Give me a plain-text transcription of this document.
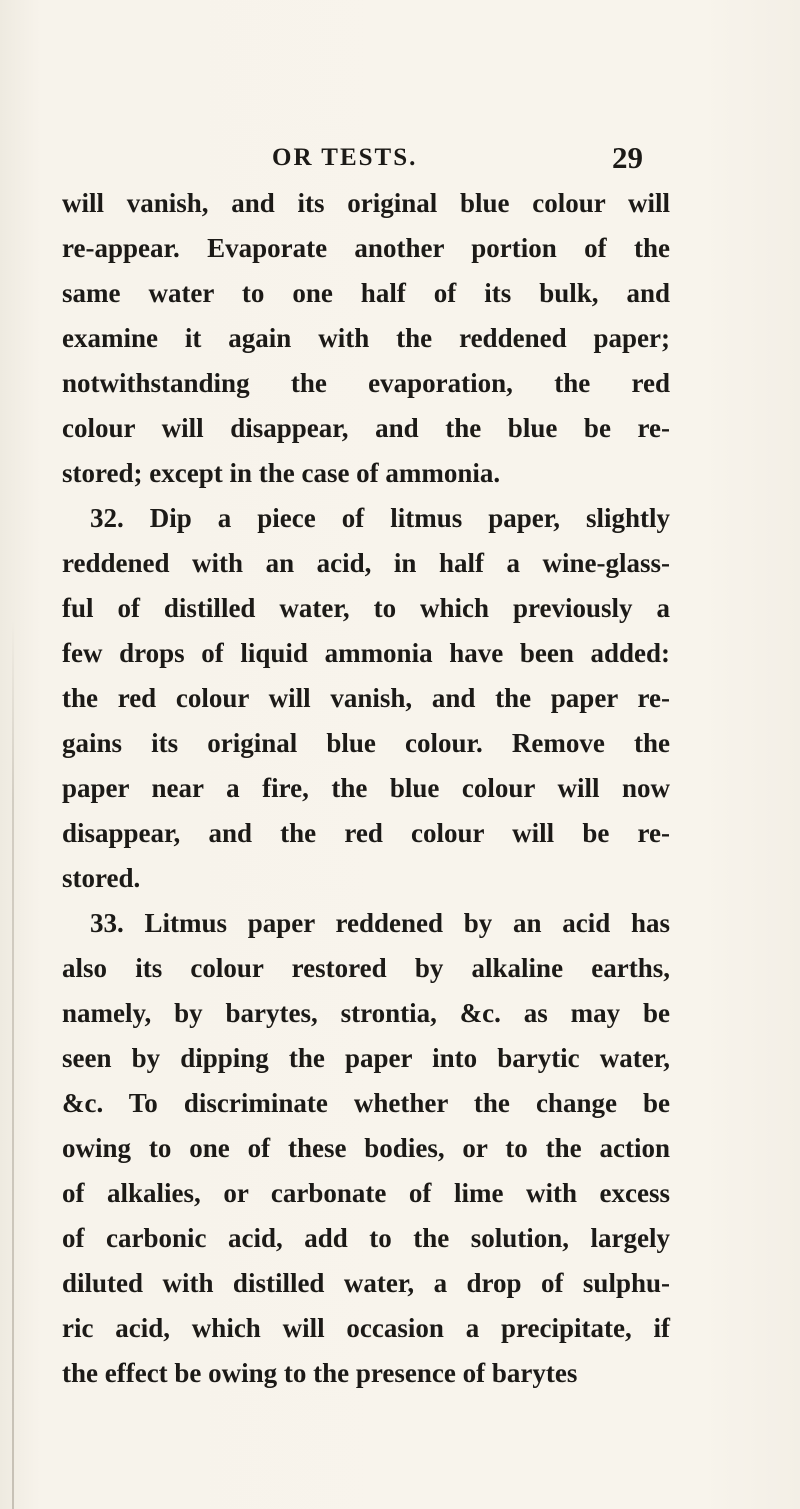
OR TESTS.	29
will vanish, and its original blue colour will
re-appear. Evaporate another portion of the
same water to one half of its bulk, and
examine it again with the reddened paper;
notwithstanding the evaporation, the red
colour will disappear, and the blue be re-
stored; except in the case of ammonia.
32. Dip a piece of litmus paper, slightly
reddened with an acid, in half a wine-glass-
ful of distilled water, to which previously a
few drops of liquid ammonia have been added:
the red colour will vanish, and the paper re-
gains its original blue colour. Remove the
paper near a fire, the blue colour will now
disappear, and the red colour will be re-
stored.
33. Litmus paper reddened by an acid has
also its colour restored by alkaline earths,
namely, by barytes, strontia, &c. as may be
seen by dipping the paper into barytic water,
&c. To discriminate whether the change be
owing to one of these bodies, or to the action
of alkalies, or carbonate of lime with excess
of carbonic acid, add to the solution, largely
diluted with distilled water, a drop of sulphu-
ric acid, which will occasion a precipitate, if
the effect be owing to the presence of barytes
